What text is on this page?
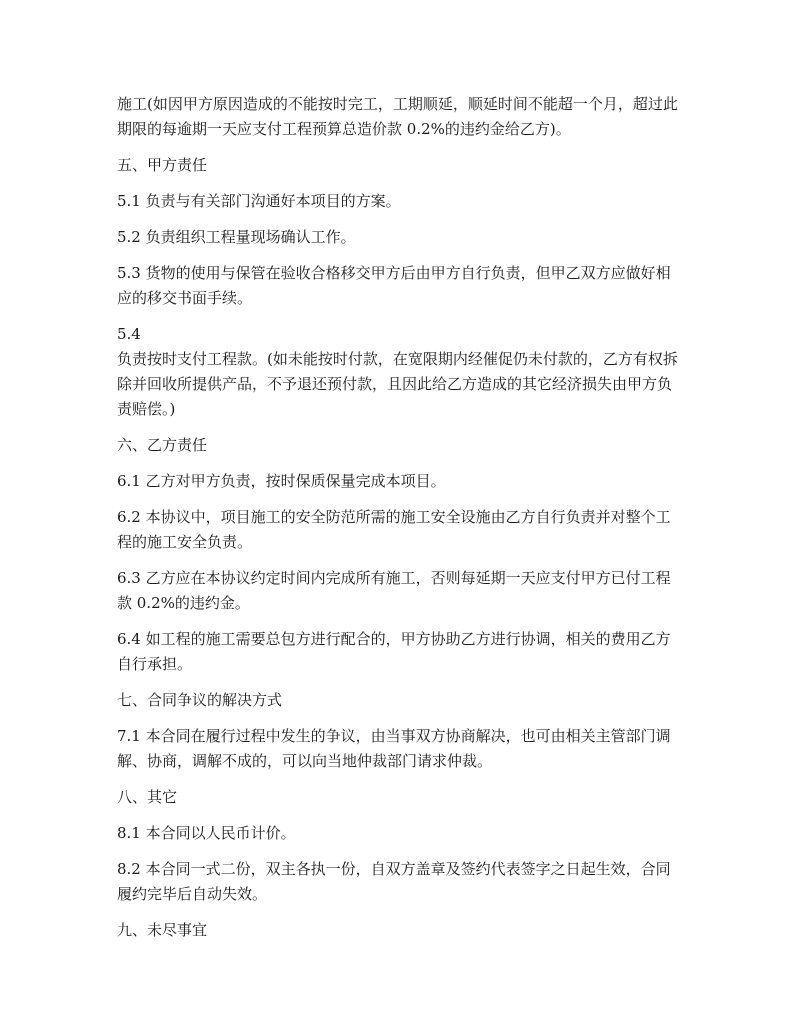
施工(如因甲方原因造成的不能按时完工，工期顺延，顺延时间不能超一个月，超过此期限的每逾期一天应支付工程预算总造价款 0.2%的违约金给乙方)。

五、甲方责任

5.1 负责与有关部门沟通好本项目的方案。

5.2 负责组织工程量现场确认工作。

5.3 货物的使用与保管在验收合格移交甲方后由甲方自行负责，但甲乙双方应做好相应的移交书面手续。

5.4
负责按时支付工程款。(如未能按时付款，在宽限期内经催促仍未付款的，乙方有权拆除并回收所提供产品，不予退还预付款，且因此给乙方造成的其它经济损失由甲方负责赔偿。)

六、乙方责任

6.1 乙方对甲方负责，按时保质保量完成本项目。

6.2 本协议中，项目施工的安全防范所需的施工安全设施由乙方自行负责并对整个工程的施工安全负责。

6.3 乙方应在本协议约定时间内完成所有施工，否则每延期一天应支付甲方已付工程款 0.2%的违约金。

6.4 如工程的施工需要总包方进行配合的，甲方协助乙方进行协调，相关的费用乙方自行承担。

七、合同争议的解决方式

7.1 本合同在履行过程中发生的争议，由当事双方协商解决，也可由相关主管部门调解、协商，调解不成的，可以向当地仲裁部门请求仲裁。

八、其它

8.1 本合同以人民币计价。

8.2 本合同一式二份，双主各执一份，自双方盖章及签约代表签字之日起生效，合同履约完毕后自动失效。

九、未尽事宜
